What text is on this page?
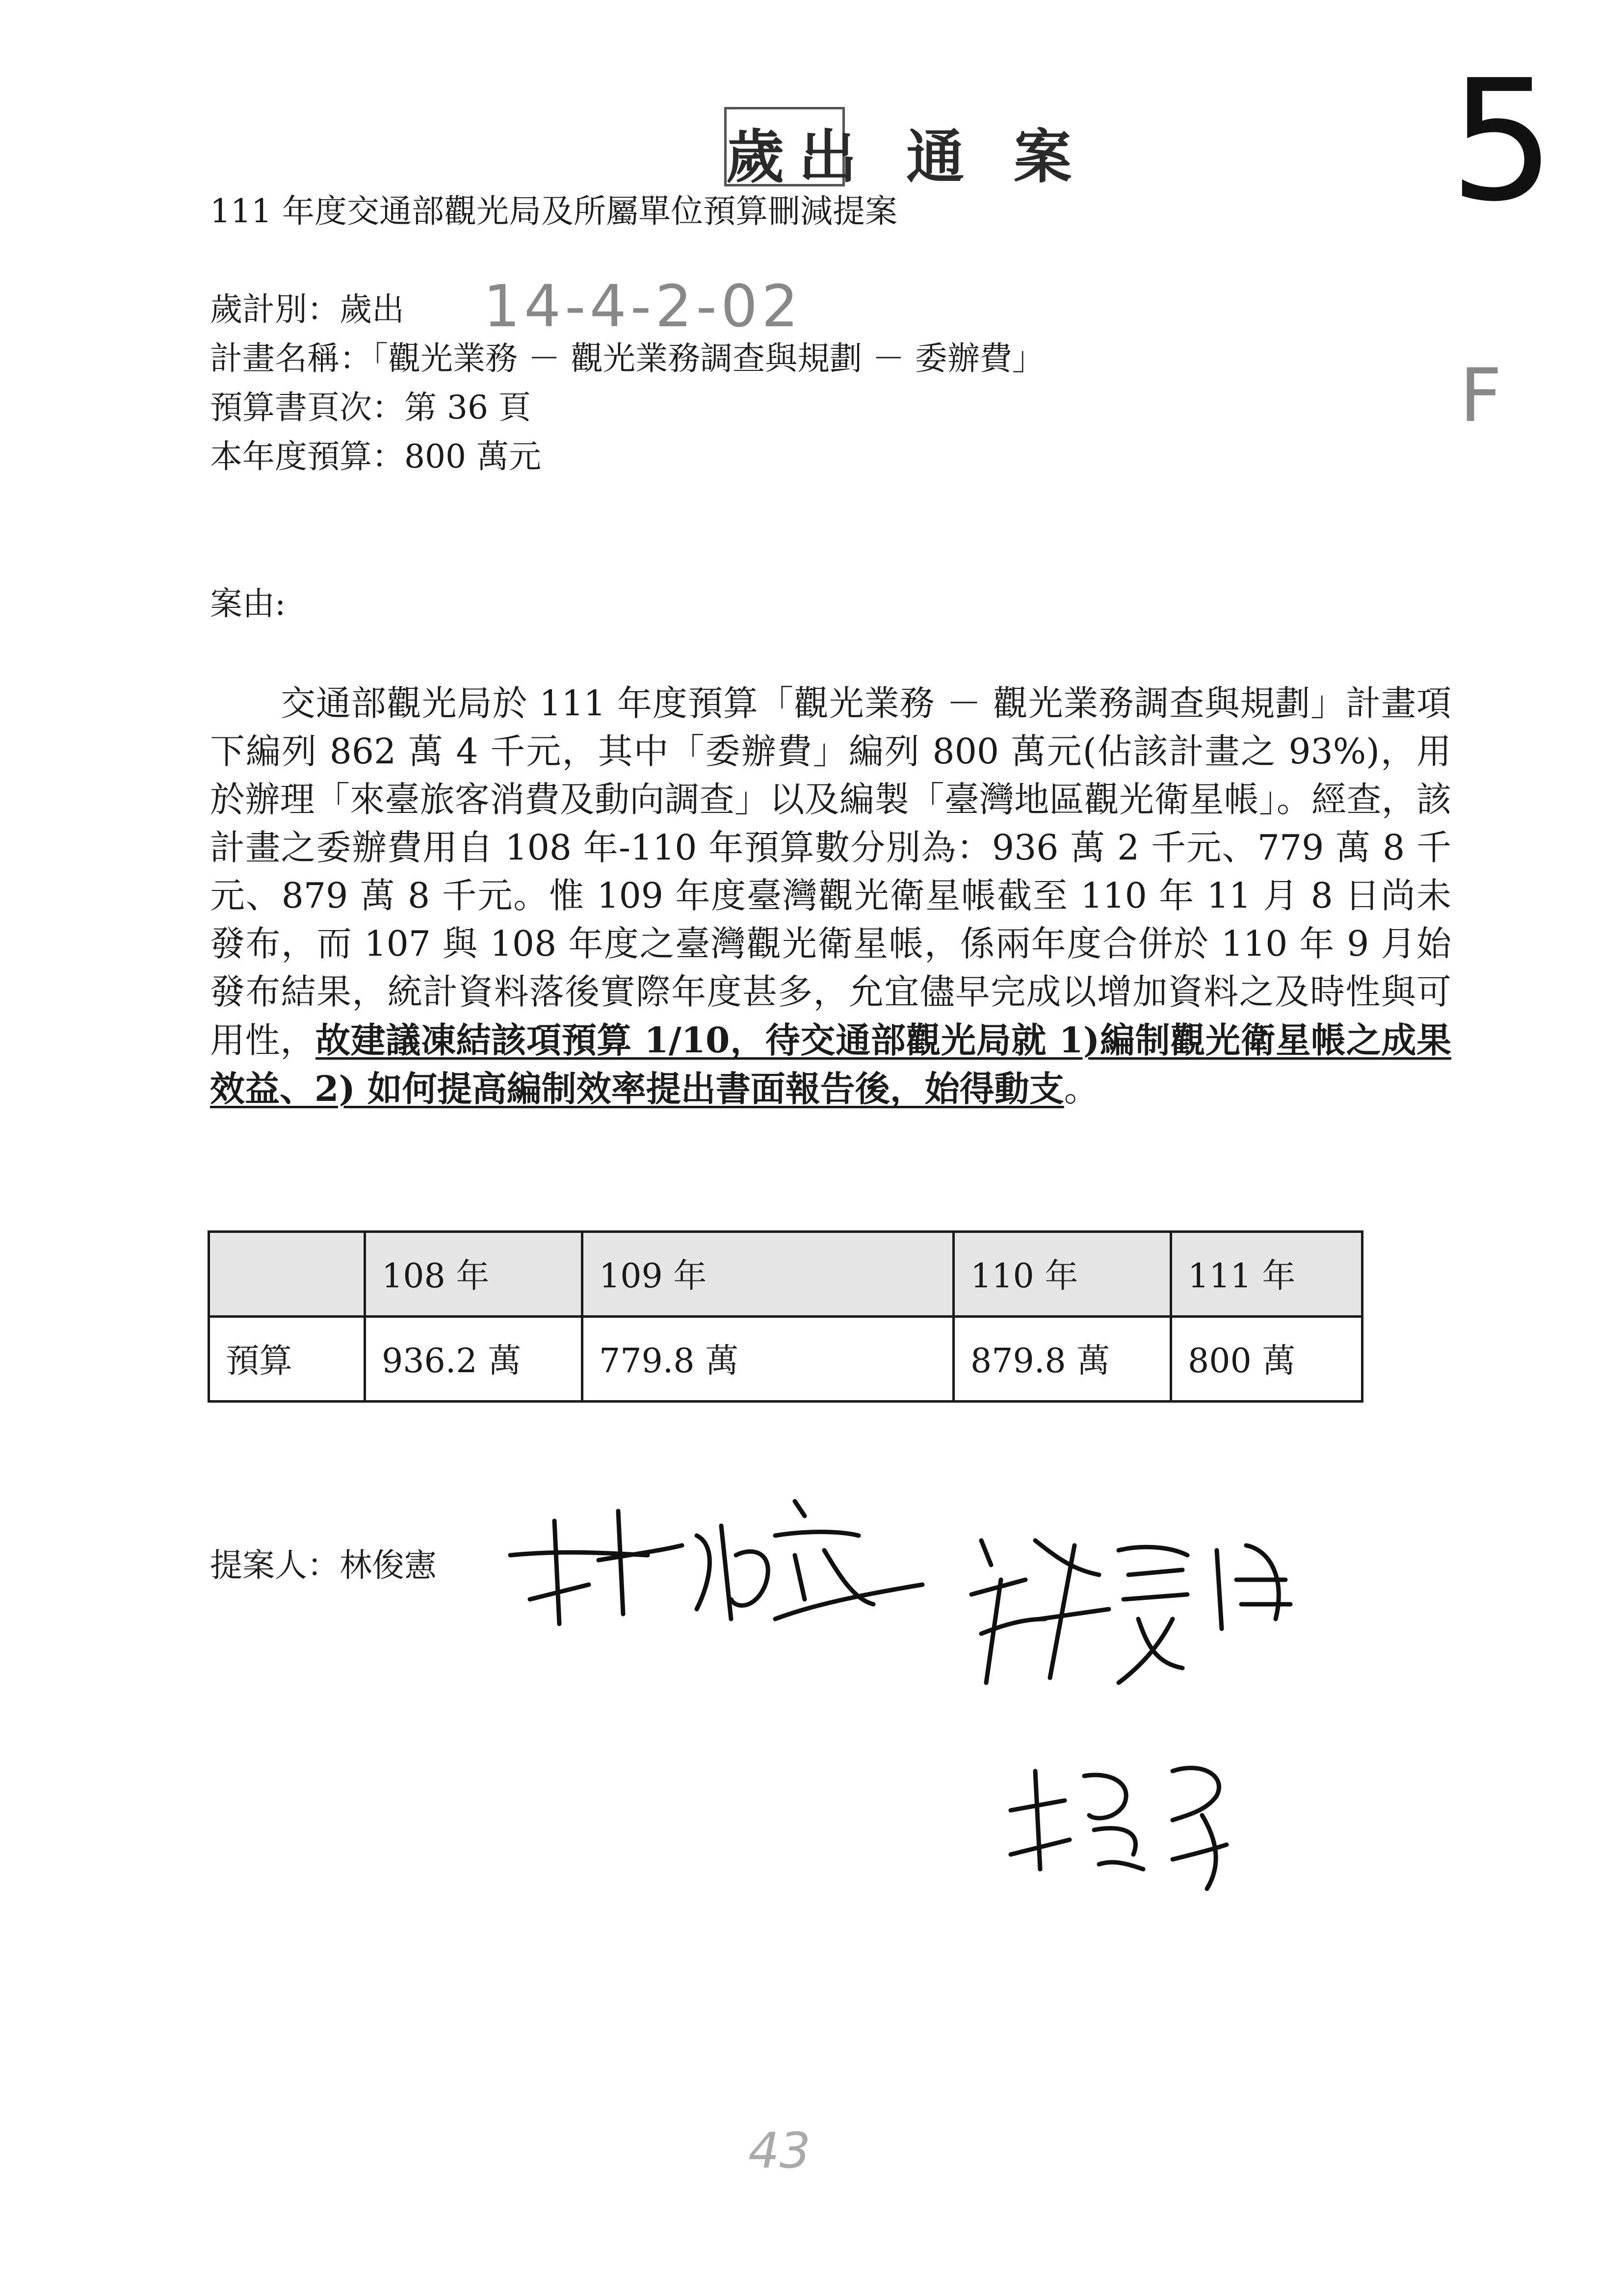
歲出 通 案 5
F
14-4-2-02
111 年度交通部觀光局及所屬單位預算刪減提案
歲計別：歲出
計畫名稱：「觀光業務 － 觀光業務調查與規劃 － 委辦費」
預算書頁次：第 36 頁
本年度預算：800 萬元
案由:

　　交通部觀光局於 111 年度預算「觀光業務 － 觀光業務調查與規劃」計畫項下編列 862 萬 4 千元，其中「委辦費」編列 800 萬元(佔該計畫之 93%)，用於辦理「來臺旅客消費及動向調查」以及編製「臺灣地區觀光衛星帳」。經查，該計畫之委辦費用自 108 年-110 年預算數分別為：936 萬 2 千元、779 萬 8 千元、879 萬 8 千元。惟 109 年度臺灣觀光衛星帳截至 110 年 11 月 8 日尚未發布，而 107 與 108 年度之臺灣觀光衛星帳，係兩年度合併於 110 年 9 月始發布結果，統計資料落後實際年度甚多，允宜儘早完成以增加資料之及時性與可用性，故建議凍結該項預算 1/10，待交通部觀光局就 1)編制觀光衛星帳之成果效益、2) 如何提高編制效率提出書面報告後，始得動支。

	108 年	109 年	110 年	111 年
預算	936.2 萬	779.8 萬	879.8 萬	800 萬
提案人：林俊憲
43
